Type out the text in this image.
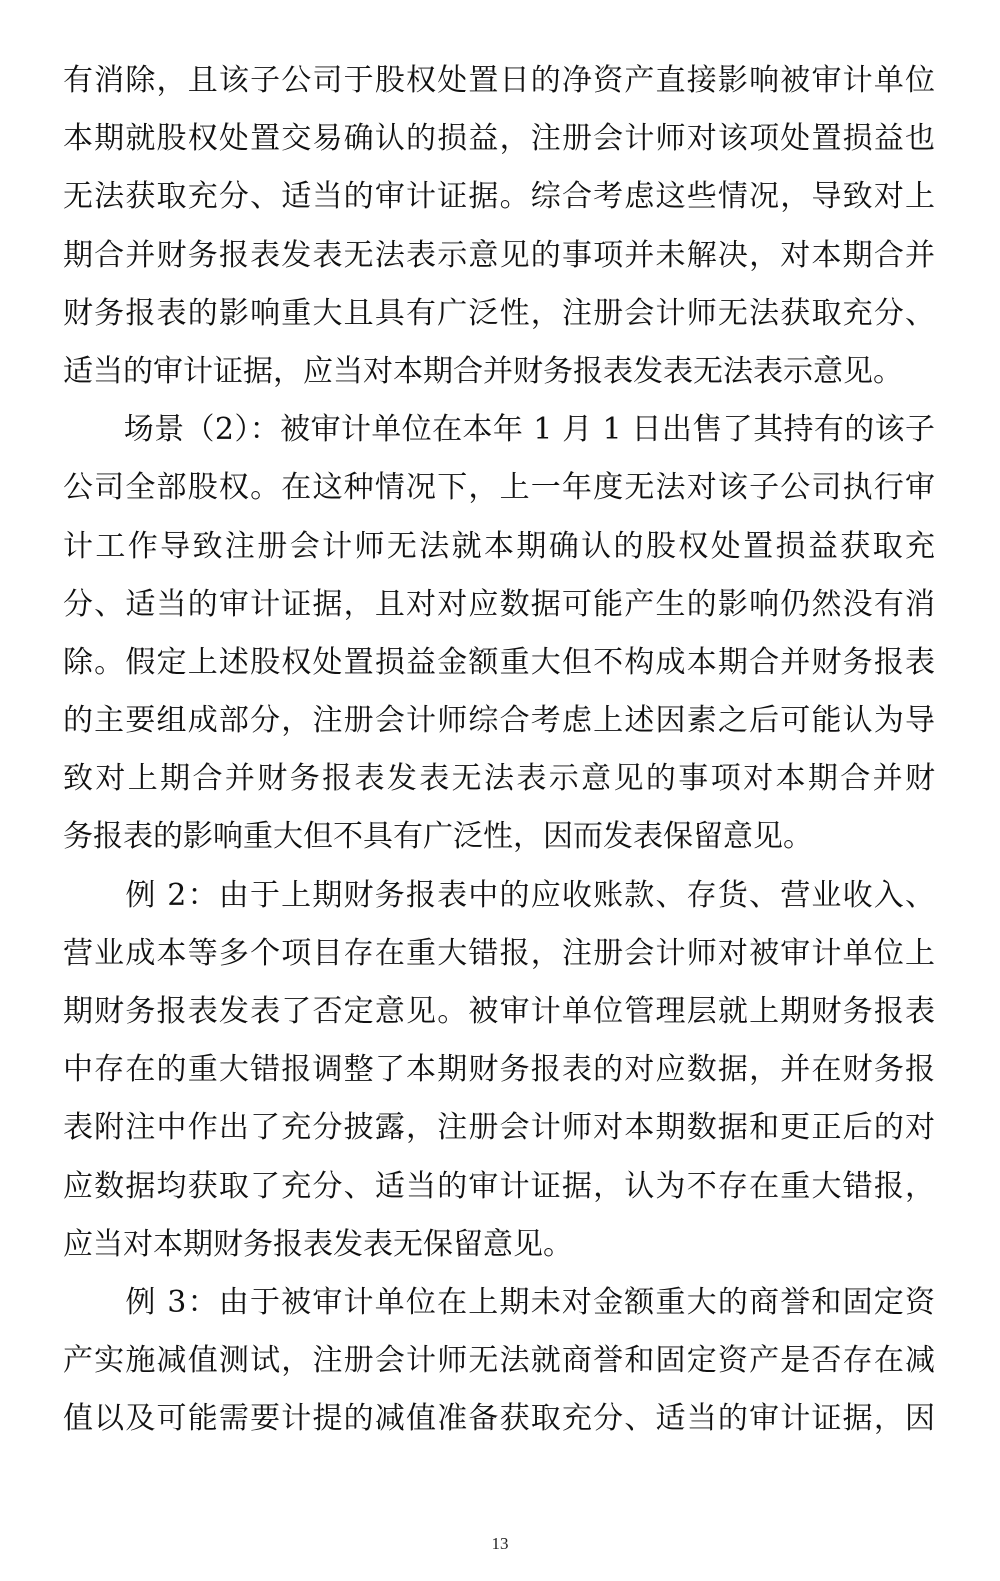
有消除，且该子公司于股权处置日的净资产直接影响被审计单位
本期就股权处置交易确认的损益，注册会计师对该项处置损益也
无法获取充分、适当的审计证据。综合考虑这些情况，导致对上
期合并财务报表发表无法表示意见的事项并未解决，对本期合并
财务报表的影响重大且具有广泛性，注册会计师无法获取充分、
适当的审计证据，应当对本期合并财务报表发表无法表示意见。
　　场景（2）：被审计单位在本年 1 月 1 日出售了其持有的该子
公司全部股权。在这种情况下，上一年度无法对该子公司执行审
计工作导致注册会计师无法就本期确认的股权处置损益获取充
分、适当的审计证据，且对对应数据可能产生的影响仍然没有消
除。假定上述股权处置损益金额重大但不构成本期合并财务报表
的主要组成部分，注册会计师综合考虑上述因素之后可能认为导
致对上期合并财务报表发表无法表示意见的事项对本期合并财
务报表的影响重大但不具有广泛性，因而发表保留意见。
　　例 2：由于上期财务报表中的应收账款、存货、营业收入、
营业成本等多个项目存在重大错报，注册会计师对被审计单位上
期财务报表发表了否定意见。被审计单位管理层就上期财务报表
中存在的重大错报调整了本期财务报表的对应数据，并在财务报
表附注中作出了充分披露，注册会计师对本期数据和更正后的对
应数据均获取了充分、适当的审计证据，认为不存在重大错报，
应当对本期财务报表发表无保留意见。
　　例 3：由于被审计单位在上期未对金额重大的商誉和固定资
产实施减值测试，注册会计师无法就商誉和固定资产是否存在减
值以及可能需要计提的减值准备获取充分、适当的审计证据，因
13
